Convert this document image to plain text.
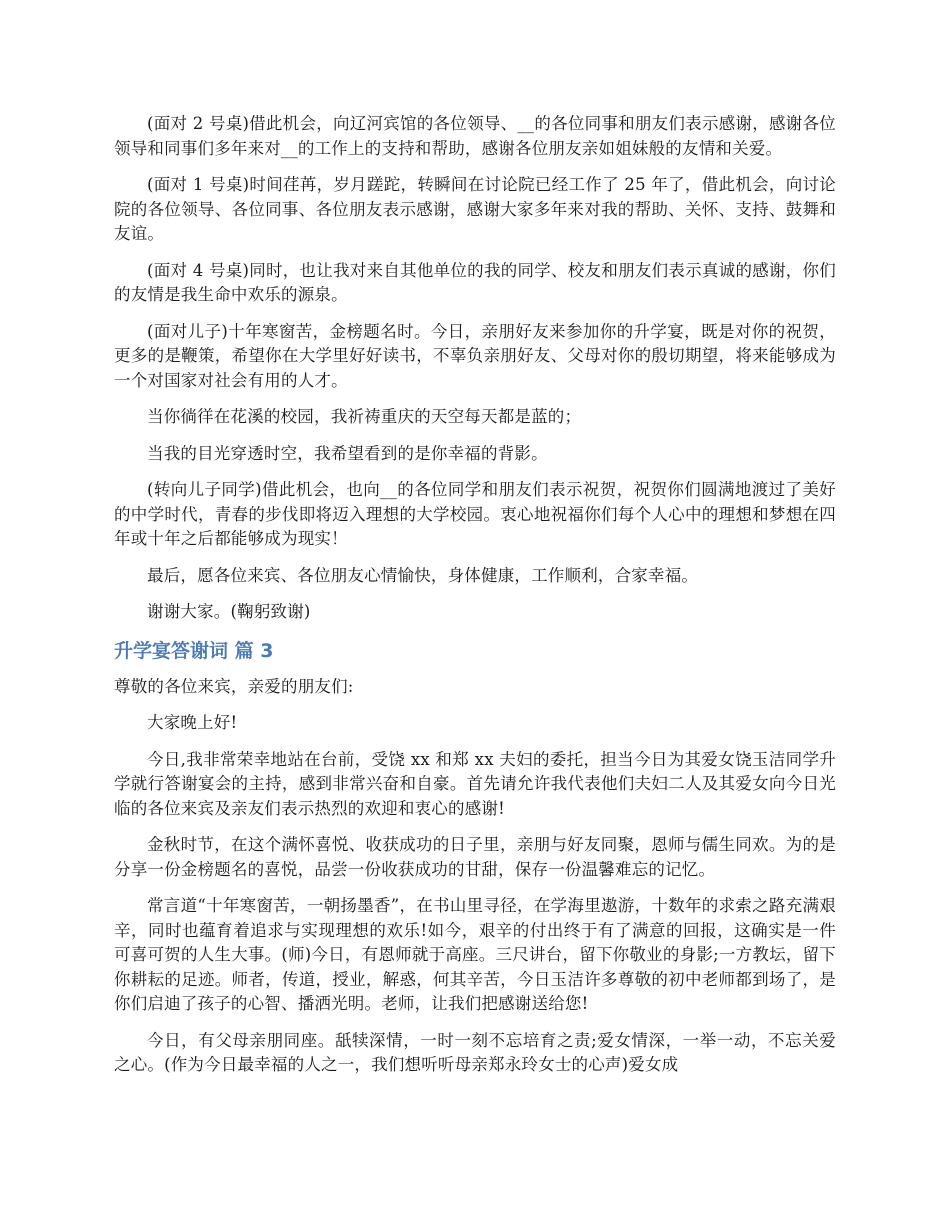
(面对 2 号桌)借此机会，向辽河宾馆的各位领导、__的各位同事和朋友们表示感谢，感谢各位领导和同事们多年来对__的工作上的支持和帮助，感谢各位朋友亲如姐妹般的友情和关爱。

(面对 1 号桌)时间荏苒，岁月蹉跎，转瞬间在讨论院已经工作了 25 年了，借此机会，向讨论院的各位领导、各位同事、各位朋友表示感谢，感谢大家多年来对我的帮助、关怀、支持、鼓舞和友谊。

(面对 4 号桌)同时，也让我对来自其他单位的我的同学、校友和朋友们表示真诚的感谢，你们的友情是我生命中欢乐的源泉。

(面对儿子)十年寒窗苦，金榜题名时。今日，亲朋好友来参加你的升学宴，既是对你的祝贺，更多的是鞭策，希望你在大学里好好读书，不辜负亲朋好友、父母对你的殷切期望，将来能够成为一个对国家对社会有用的人才。

当你徜徉在花溪的校园，我祈祷重庆的天空每天都是蓝的；

当我的目光穿透时空，我希望看到的是你幸福的背影。

(转向儿子同学)借此机会，也向__的各位同学和朋友们表示祝贺，祝贺你们圆满地渡过了美好的中学时代，青春的步伐即将迈入理想的大学校园。衷心地祝福你们每个人心中的理想和梦想在四年或十年之后都能够成为现实！

最后，愿各位来宾、各位朋友心情愉快，身体健康，工作顺利，合家幸福。

谢谢大家。(鞠躬致谢)

升学宴答谢词 篇 3

尊敬的各位来宾，亲爱的朋友们:

大家晚上好!

今日,我非常荣幸地站在台前，受饶 xx 和郑 xx 夫妇的委托，担当今日为其爱女饶玉洁同学升学就行答谢宴会的主持，感到非常兴奋和自豪。首先请允许我代表他们夫妇二人及其爱女向今日光临的各位来宾及亲友们表示热烈的欢迎和衷心的感谢!

金秋时节，在这个满怀喜悦、收获成功的日子里，亲朋与好友同聚，恩师与儒生同欢。为的是分享一份金榜题名的喜悦，品尝一份收获成功的甘甜，保存一份温馨难忘的记忆。

常言道“十年寒窗苦，一朝扬墨香”，在书山里寻径，在学海里遨游，十数年的求索之路充满艰辛，同时也蕴育着追求与实现理想的欢乐!如今，艰辛的付出终于有了满意的回报，这确实是一件可喜可贺的人生大事。(师)今日，有恩师就于高座。三尺讲台，留下你敬业的身影;一方教坛，留下你耕耘的足迹。师者，传道，授业，解惑，何其辛苦，今日玉洁许多尊敬的初中老师都到场了，是你们启迪了孩子的心智、播洒光明。老师，让我们把感谢送给您!

今日，有父母亲朋同座。舐犊深情，一时一刻不忘培育之责;爱女情深，一举一动，不忘关爱之心。(作为今日最幸福的人之一，我们想听听母亲郑永玲女士的心声)爱女成
